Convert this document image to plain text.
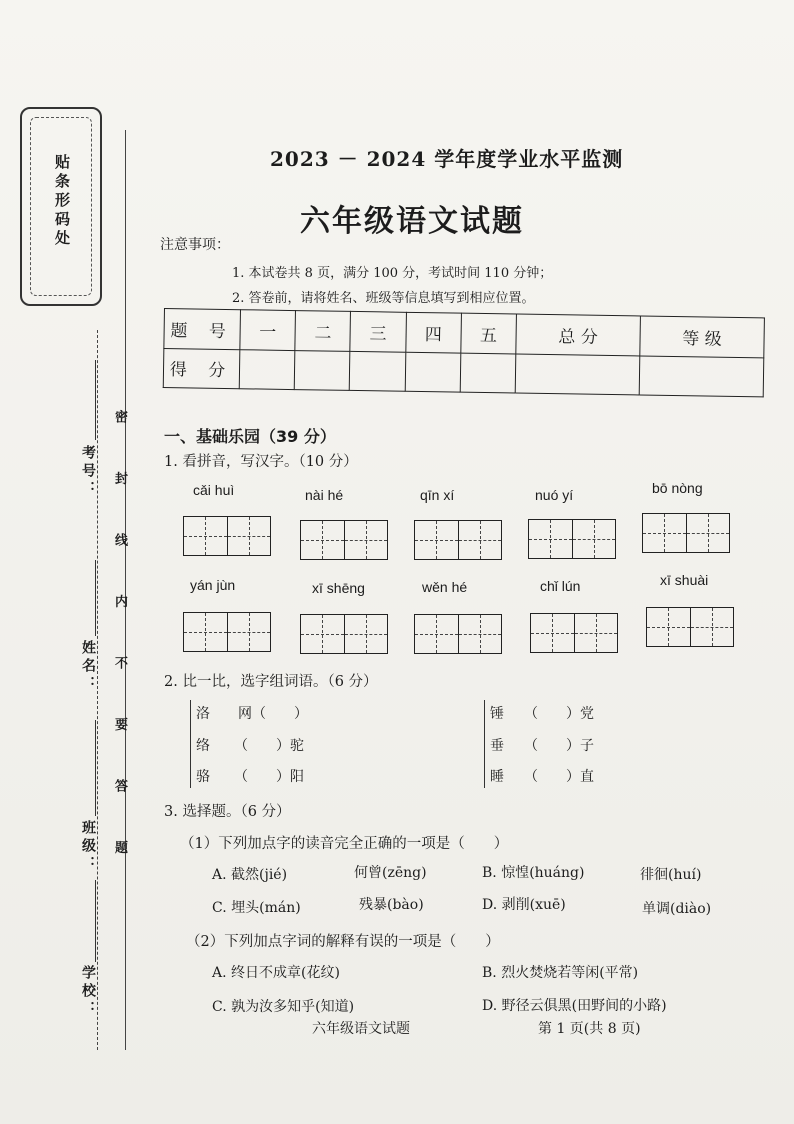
贴条形码处
密 封 线 内 不 要 答 题
考号：
姓名：
班级：
学校：
2023 － 2024 学年度学业水平监测
六年级语文试题
注意事项：
1. 本试卷共 8 页，满分 100 分，考试时间 110 分钟；
2. 答卷前，请将姓名、班级等信息填写到相应位置。
题 号	一	二	三	四	五	总 分	等 级
得 分							
一、基础乐园（39 分）
1. 看拼音，写汉字。（10 分）
cǎi huì	nài hé	qīn xí	nuó yí	bō nòng
yán jùn	xī shēng	wěn hé	chǐ lún	xī shuài
2. 比一比，选字组词语。（6 分）
洛 网（　　）
络 （　　）驼
骆 （　　）阳
锤 （　　）党
垂 （　　）子
睡 （　　）直
3. 选择题。（6 分）
（1）下列加点字的读音完全正确的一项是（　　）
A. 截然(jié)	何曾(zēng)	B. 惊惶(huáng)	徘徊(huí)
C. 埋头(mán)	残暴(bào)	D. 剥削(xuē)	单调(diào)
（2）下列加点字词的解释有误的一项是（　　）
A. 终日不成章(花纹)	B. 烈火焚烧若等闲(平常)
C. 孰为汝多知乎(知道)	D. 野径云俱黑(田野间的小路)
六年级语文试题	第 1 页(共 8 页)
